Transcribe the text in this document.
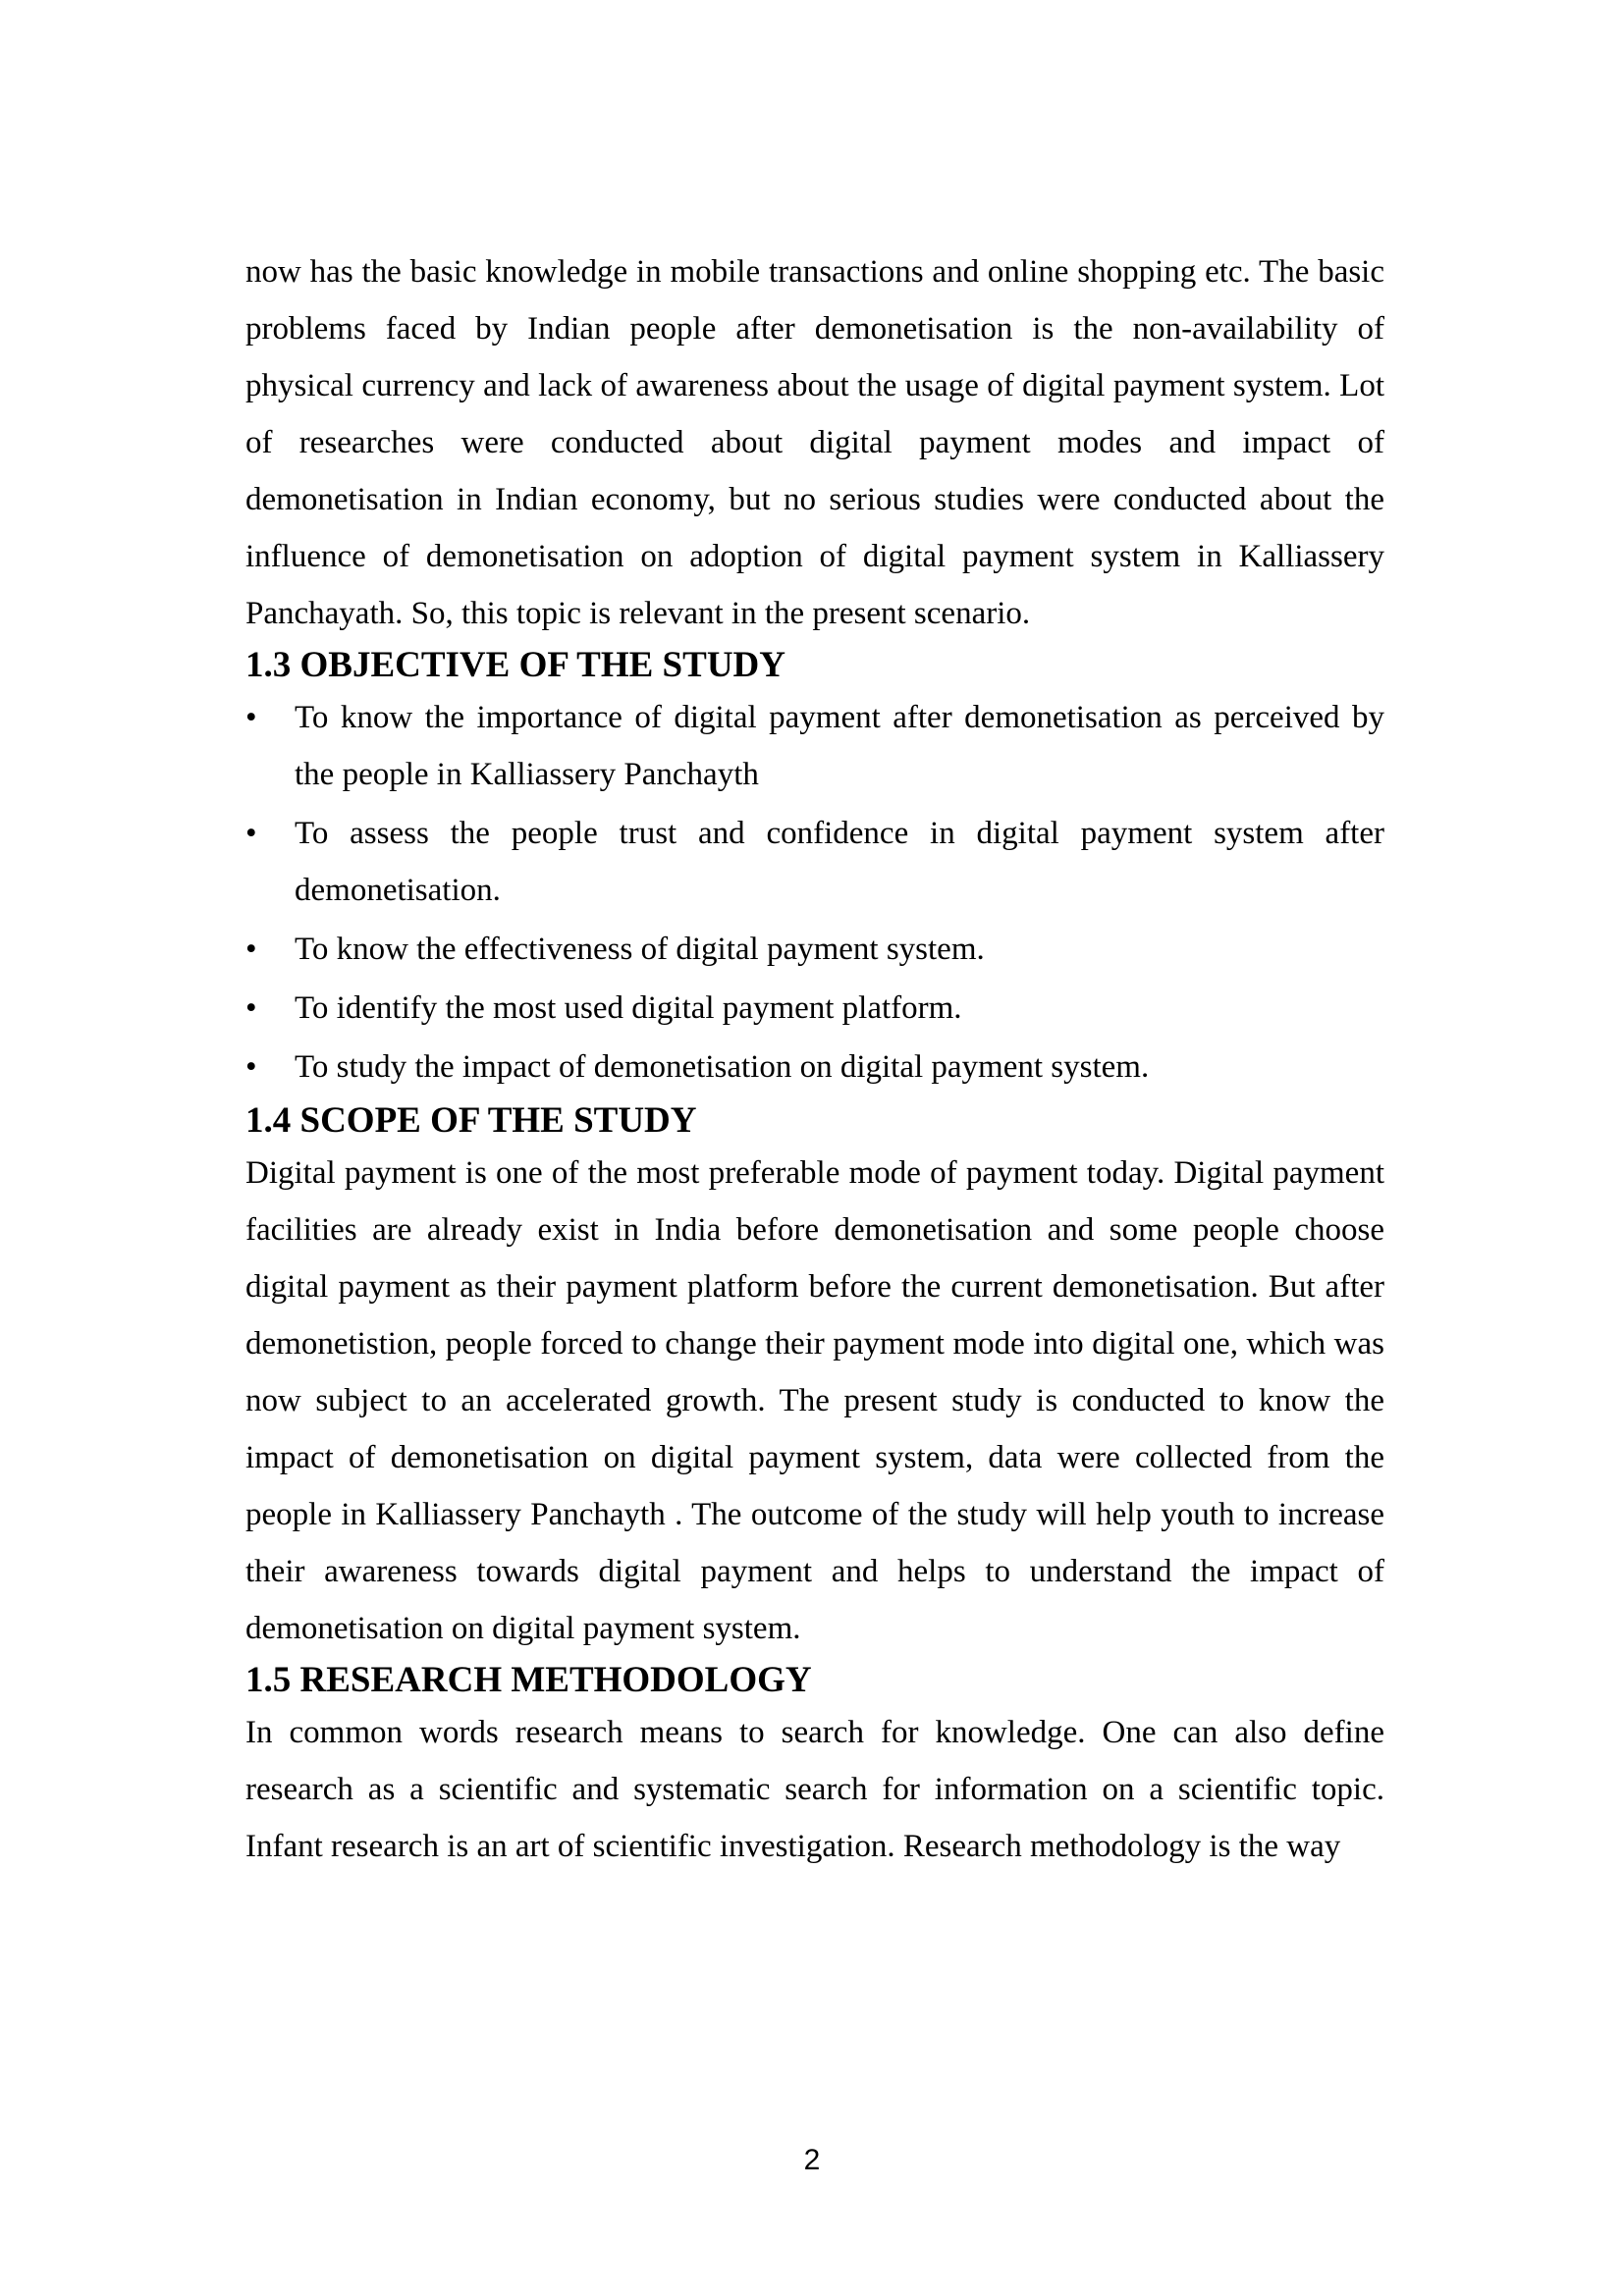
now has the basic knowledge in mobile transactions and online shopping etc. The basic problems faced by Indian people after demonetisation is the non-availability of physical currency and lack of awareness about the usage of digital payment system. Lot of researches were conducted about digital payment modes and impact of demonetisation in Indian economy, but no serious studies were conducted about the influence of demonetisation on adoption of digital payment system in Kalliassery Panchayath. So, this topic is relevant in the present scenario.

1.3 OBJECTIVE OF THE STUDY
•	To know the importance of digital payment after demonetisation as perceived by the people in Kalliassery Panchayth
•	To assess the people trust and confidence in digital payment system after demonetisation.
•	To know the effectiveness of digital payment system.
•	To identify the most used digital payment platform.
•	To study the impact of demonetisation on digital payment system.
1.4 SCOPE OF THE STUDY

Digital payment is one of the most preferable mode of payment today. Digital payment facilities are already exist in India before demonetisation and some people choose digital payment as their payment platform before the current demonetisation. But after demonetistion, people forced to change their payment mode into digital one, which was now subject to an accelerated growth. The present study is conducted to know the impact of demonetisation on digital payment system, data were collected from the people in Kalliassery Panchayth . The outcome of the study will help youth to increase their awareness towards digital payment and helps to understand the impact of demonetisation on digital payment system.

1.5 RESEARCH METHODOLOGY

In common words research means to search for knowledge. One can also define research as a scientific and systematic search for information on a scientific topic. Infant research is an art of scientific investigation. Research methodology is the way

2
